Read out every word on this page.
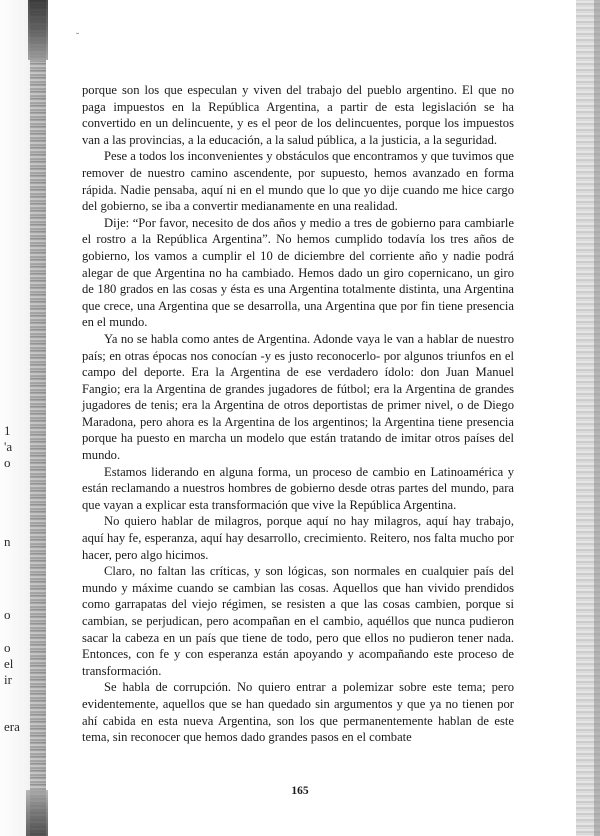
˘
1
'a
o
n
o
o
el
ir
era

porque son los que especulan y viven del trabajo del pueblo argentino. El que no paga impuestos en la República Argentina, a partir de esta legislación se ha convertido en un delincuente, y es el peor de los delincuentes, porque los impuestos van a las provincias, a la educación, a la salud pública, a la justicia, a la seguridad.

Pese a todos los inconvenientes y obstáculos que encontramos y que tuvimos que remover de nuestro camino ascendente, por supuesto, hemos avanzado en forma rápida. Nadie pensaba, aquí ni en el mundo que lo que yo dije cuando me hice cargo del gobierno, se iba a convertir medianamente en una realidad.

Dije: “Por favor, necesito de dos años y medio a tres de gobierno para cambiarle el rostro a la República Argentina”. No hemos cumplido todavía los tres años de gobierno, los vamos a cumplir el 10 de diciembre del corriente año y nadie podrá alegar de que Argentina no ha cambiado. Hemos dado un giro copernicano, un giro de 180 grados en las cosas y ésta es una Argentina totalmente distinta, una Argentina que crece, una Argentina que se desarrolla, una Argentina que por fin tiene presencia en el mundo.

Ya no se habla como antes de Argentina. Adonde vaya le van a hablar de nuestro país; en otras épocas nos conocían -y es justo reconocerlo- por algunos triunfos en el campo del deporte. Era la Argentina de ese verdadero ídolo: don Juan Manuel Fangio; era la Argentina de grandes jugadores de fútbol; era la Argentina de grandes jugadores de tenis; era la Argentina de otros deportistas de primer nivel, o de Diego Maradona, pero ahora es la Argentina de los argentinos; la Argentina tiene presencia porque ha puesto en marcha un modelo que están tratando de imitar otros países del mundo.

Estamos liderando en alguna forma, un proceso de cambio en Latinoamérica y están reclamando a nuestros hombres de gobierno desde otras partes del mundo, para que vayan a explicar esta transformación que vive la República Argentina.

No quiero hablar de milagros, porque aquí no hay milagros, aquí hay trabajo, aquí hay fe, esperanza, aquí hay desarrollo, crecimiento. Reitero, nos falta mucho por hacer, pero algo hicimos.

Claro, no faltan las críticas, y son lógicas, son normales en cualquier país del mundo y máxime cuando se cambian las cosas. Aquellos que han vivido prendidos como garrapatas del viejo régimen, se resisten a que las cosas cambien, porque si cambian, se perjudican, pero acompañan en el cambio, aquéllos que nunca pudieron sacar la cabeza en un país que tiene de todo, pero que ellos no pudieron tener nada. Entonces, con fe y con esperanza están apoyando y acompañando este proceso de transformación.

Se habla de corrupción. No quiero entrar a polemizar sobre este tema; pero evidentemente, aquellos que se han quedado sin argumentos y que ya no tienen por ahí cabida en esta nueva Argentina, son los que permanentemente hablan de este tema, sin reconocer que hemos dado grandes pasos en el combate

165
